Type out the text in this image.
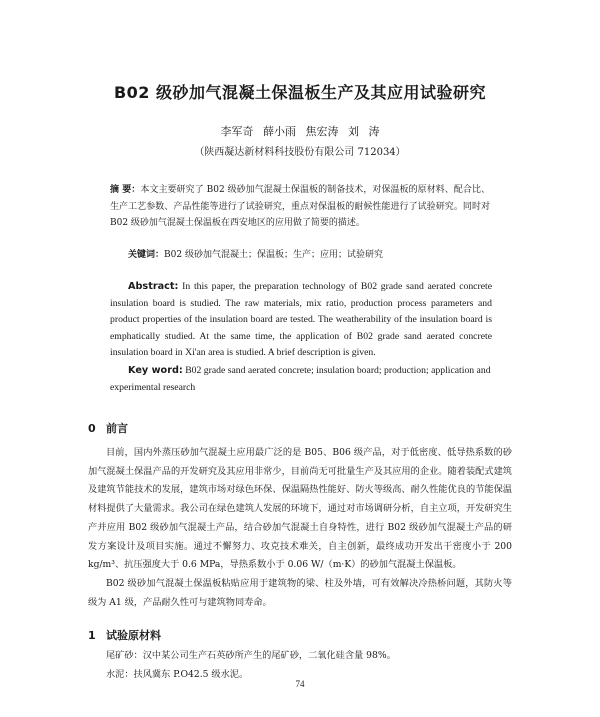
B02 级砂加气混凝土保温板生产及其应用试验研究
李军奇 薛小雨 焦宏涛 刘 涛
（陕西凝达新材料科技股份有限公司 712034）
摘 要：本文主要研究了 B02 级砂加气混凝土保温板的制备技术，对保温板的原材料、配合比、生产工艺参数、产品性能等进行了试验研究，重点对保温板的耐候性能进行了试验研究。同时对 B02 级砂加气混凝土保温板在西安地区的应用做了简要的描述。
关键词：B02 级砂加气混凝土；保温板；生产；应用；试验研究
Abstract: In this paper, the preparation technology of B02 grade sand aerated concrete insulation board is studied. The raw materials, mix ratio, production process parameters and product properties of the insulation board are tested. The weatherability of the insulation board is emphatically studied. At the same time, the application of B02 grade sand aerated concrete insulation board in Xi'an area is studied. A brief description is given.
Key word: B02 grade sand aerated concrete; insulation board; production; application and experimental research
0 前言

目前，国内外蒸压砂加气混凝土应用最广泛的是 B05、B06 级产品，对于低密度、低导热系数的砂加气混凝土保温产品的开发研究及其应用非常少，目前尚无可批量生产及其应用的企业。随着装配式建筑及建筑节能技术的发展，建筑市场对绿色环保、保温隔热性能好、防火等级高、耐久性能优良的节能保温材料提供了大量需求。我公司在绿色建筑人发展的环境下，通过对市场调研分析，自主立项，开发研究生产并应用 B02 级砂加气混凝土产品，结合砂加气混凝土自身特性，进行 B02 级砂加气混凝土产品的研发方案设计及项目实施。通过不懈努力、攻克技术难关，自主创新，最终成功开发出干密度小于 200 kg/m³、抗压强度大于 0.6 MPa，导热系数小于 0.06 W/（m·K）的砂加气混凝土保温板。

B02 级砂加气混凝土保温板粘贴应用于建筑物的梁、柱及外墙，可有效解决冷热桥问题，其防火等级为 A1 级，产品耐久性可与建筑物同寿命。

1 试验原材料
尾矿砂：汉中某公司生产石英砂所产生的尾矿砂，二氧化硅含量 98%。
水泥：扶风冀东 P.O42.5 级水泥。
74
